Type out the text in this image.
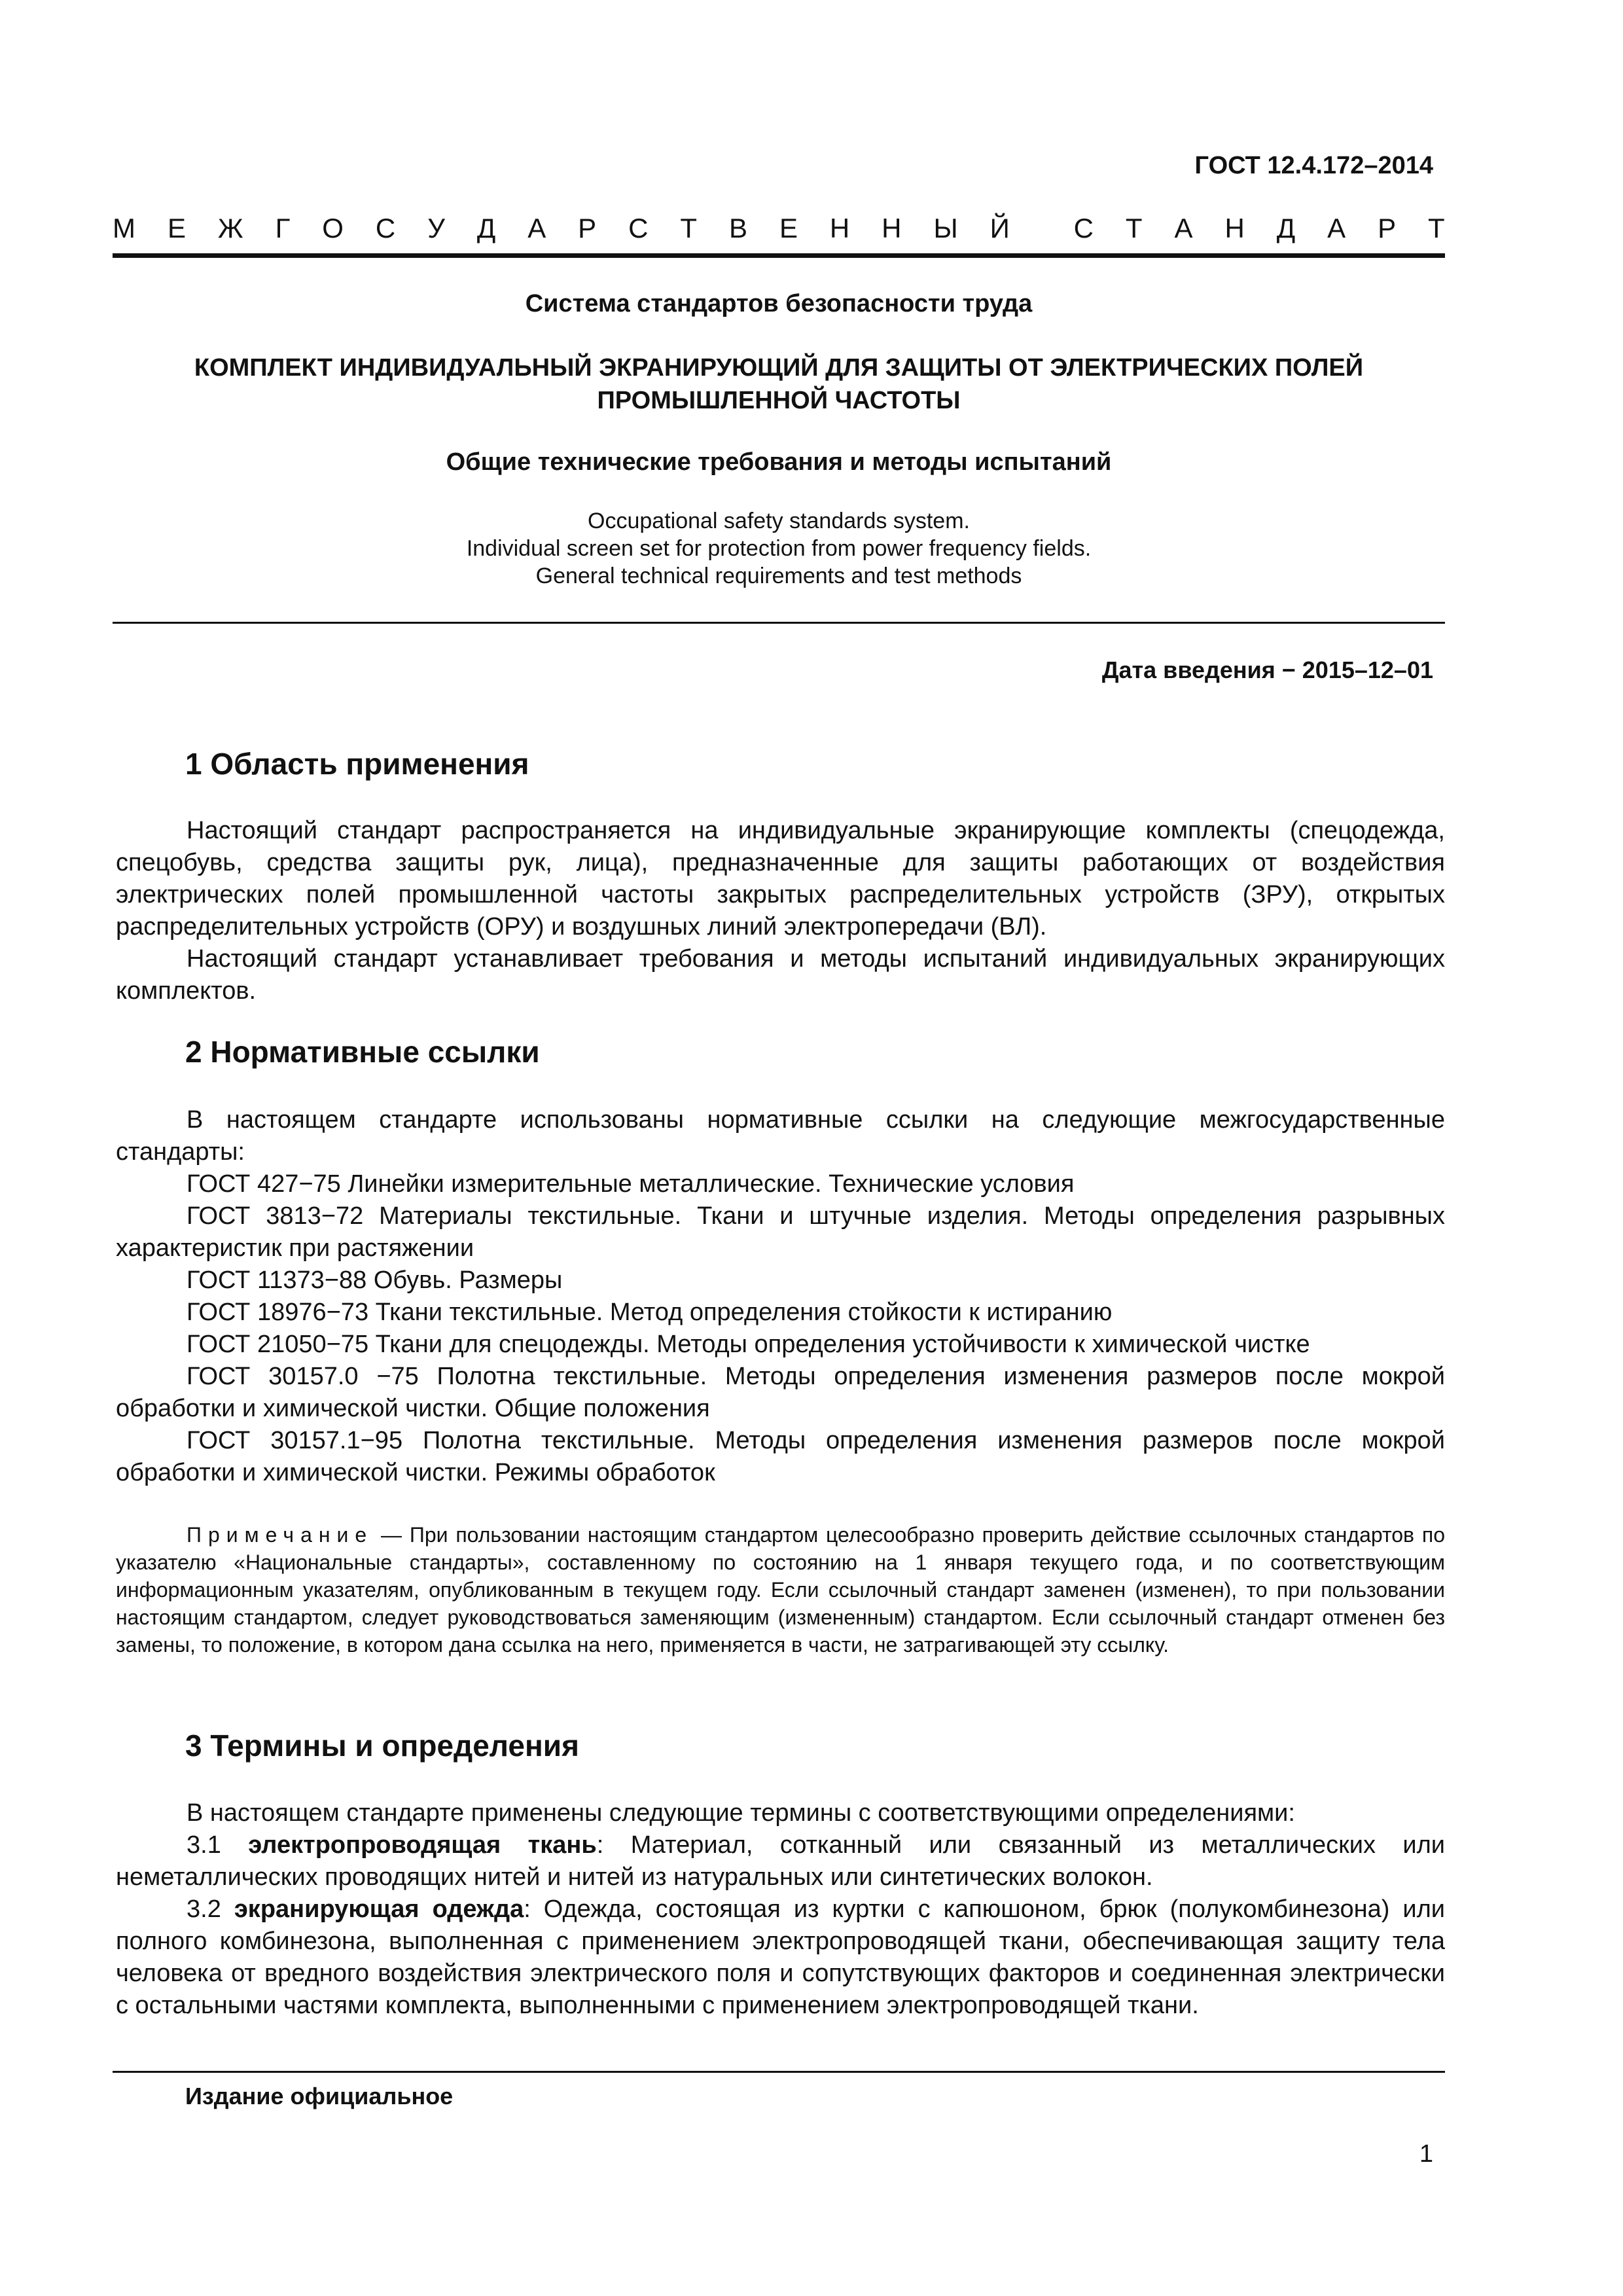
ГОСТ 12.4.172–2014
М Е Ж Г О С У Д А Р С Т В Е Н Н Ы Й С Т А Н Д А Р Т
Система стандартов безопасности труда
КОМПЛЕКТ ИНДИВИДУАЛЬНЫЙ ЭКРАНИРУЮЩИЙ ДЛЯ ЗАЩИТЫ ОТ ЭЛЕКТРИЧЕСКИХ ПОЛЕЙ
ПРОМЫШЛЕННОЙ ЧАСТОТЫ
Общие технические требования и методы испытаний
Occupational safety standards system.
Individual screen set for protection from power frequency fields.
General technical requirements and test methods
Дата введения − 2015–12–01
1 Область применения

Настоящий стандарт распространяется на индивидуальные экранирующие комплекты (спецодежда, спецобувь, средства защиты рук, лица), предназначенные для защиты работающих от воздействия электрических полей промышленной частоты закрытых распределительных устройств (ЗРУ), открытых распределительных устройств (ОРУ) и воздушных линий электропередачи (ВЛ).

Настоящий стандарт устанавливает требования и методы испытаний индивидуальных экранирующих комплектов.

2 Нормативные ссылки

В настоящем стандарте использованы нормативные ссылки на следующие межгосударственные стандарты:

ГОСТ 427−75 Линейки измерительные металлические. Технические условия

ГОСТ 3813−72 Материалы текстильные. Ткани и штучные изделия. Методы определения разрывных характеристик при растяжении

ГОСТ 11373−88 Обувь. Размеры

ГОСТ 18976−73 Ткани текстильные. Метод определения стойкости к истиранию

ГОСТ 21050−75 Ткани для спецодежды. Методы определения устойчивости к химической чистке

ГОСТ 30157.0 −75 Полотна текстильные. Методы определения изменения размеров после мокрой обработки и химической чистки. Общие положения

ГОСТ 30157.1−95 Полотна текстильные. Методы определения изменения размеров после мокрой обработки и химической чистки. Режимы обработок

Примечание — При пользовании настоящим стандартом целесообразно проверить действие ссылочных стандартов по указателю «Национальные стандарты», составленному по состоянию на 1 января текущего года, и по соответствующим информационным указателям, опубликованным в текущем году. Если ссылочный стандарт заменен (изменен), то при пользовании настоящим стандартом, следует руководствоваться заменяющим (измененным) стандартом. Если ссылочный стандарт отменен без замены, то положение, в котором дана ссылка на него, применяется в части, не затрагивающей эту ссылку.

3 Термины и определения

В настоящем стандарте применены следующие термины с соответствующими определениями:

3.1 электропроводящая ткань: Материал, сотканный или связанный из металлических или неметаллических проводящих нитей и нитей из натуральных или синтетических волокон.

3.2 экранирующая одежда: Одежда, состоящая из куртки с капюшоном, брюк (полукомбинезона) или полного комбинезона, выполненная с применением электропроводящей ткани, обеспечивающая защиту тела человека от вредного воздействия электрического поля и сопутствующих факторов и соединенная электрически с остальными частями комплекта, выполненными с применением электропроводящей ткани.

Издание официальное
1
